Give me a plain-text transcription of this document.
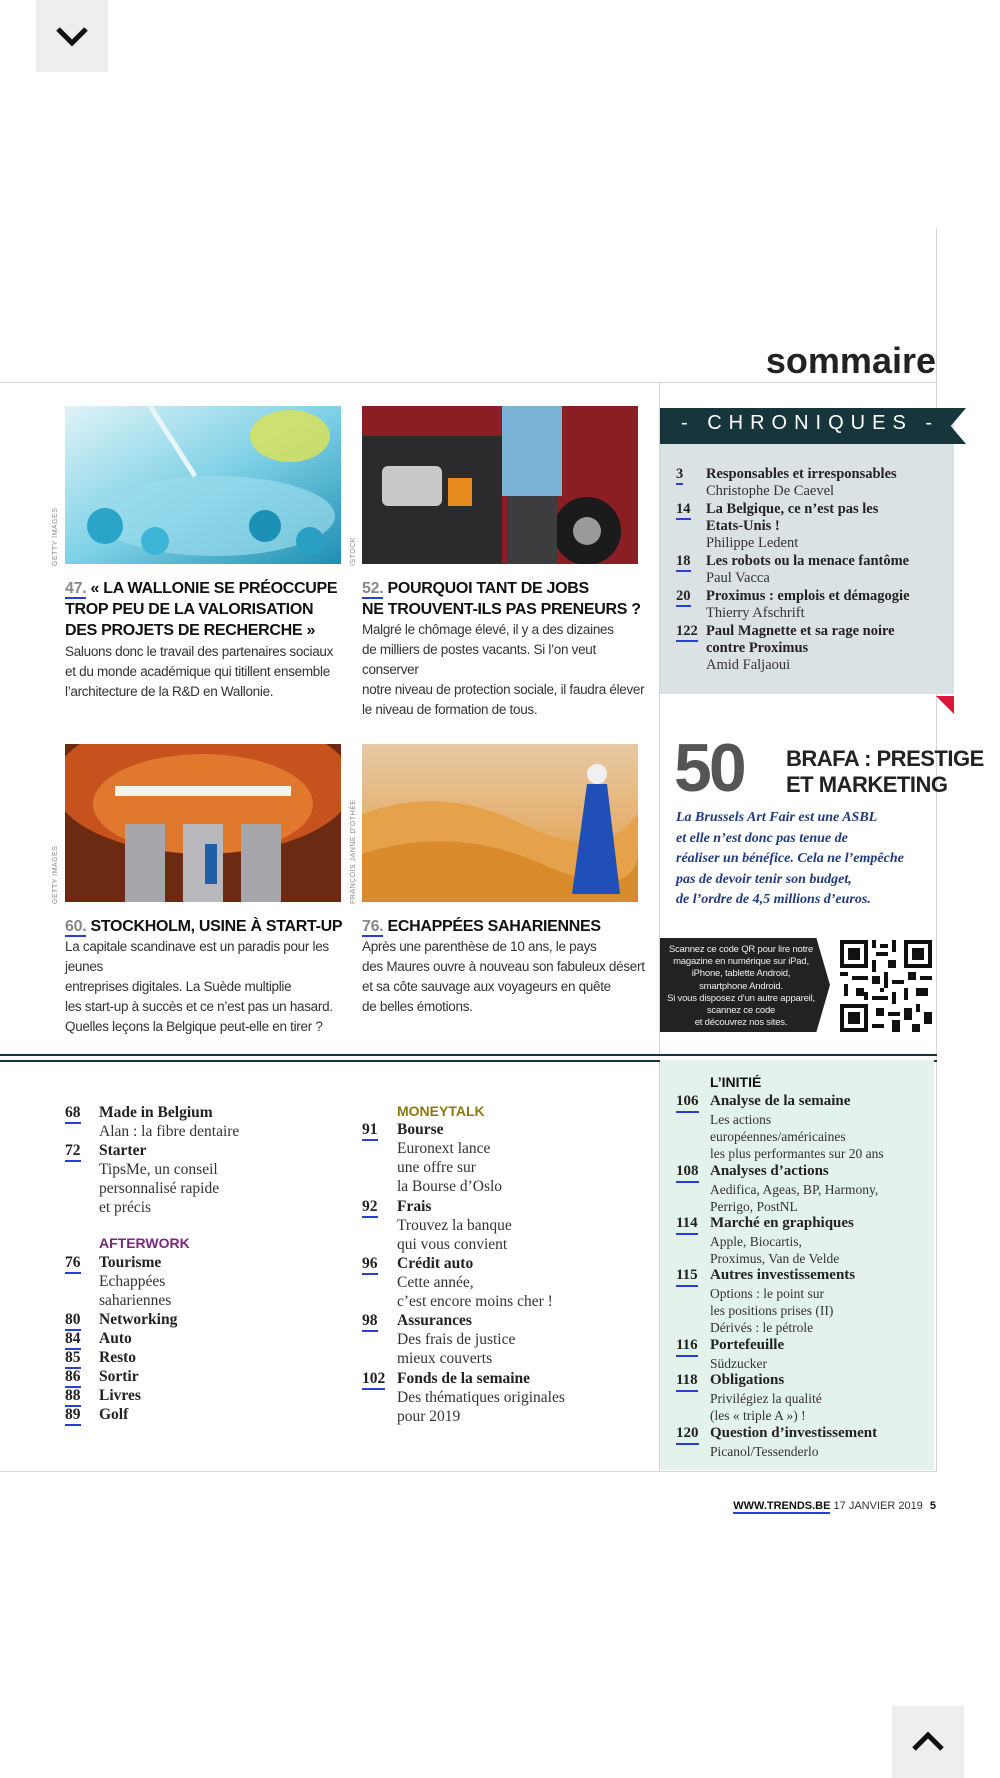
sommaire
GETTY IMAGES	ISTOCK
GETTY IMAGES	FRANÇOIS JANNE D'OTHÉE
47. « LA WALLONIE SE PRÉOCCUPE
TROP PEU DE LA VALORISATION
DES PROJETS DE RECHERCHE »
Saluons donc le travail des partenaires sociaux
et du monde académique qui titillent ensemble
l’architecture de la R&D en Wallonie.
52. POURQUOI TANT DE JOBS
NE TROUVENT-ILS PAS PRENEURS ?
Malgré le chômage élevé, il y a des dizaines
de milliers de postes vacants. Si l’on veut conserver
notre niveau de protection sociale, il faudra élever
le niveau de formation de tous.
60. STOCKHOLM, USINE À START-UP
La capitale scandinave est un paradis pour les jeunes
entreprises digitales. La Suède multiplie
les start-up à succès et ce n’est pas un hasard.
Quelles leçons la Belgique peut-elle en tirer ?
76. ECHAPPÉES SAHARIENNES
Après une parenthèse de 10 ans, le pays
des Maures ouvre à nouveau son fabuleux désert
et sa côte sauvage aux voyageurs en quête
de belles émotions.
- CHRONIQUES -
3 Responsables et irresponsables
Christophe De Caevel
14 La Belgique, ce n’est pas les
Etats-Unis !
Philippe Ledent
18 Les robots ou la menace fantôme
Paul Vacca
20 Proximus : emplois et démagogie
Thierry Afschrift
122 Paul Magnette et sa rage noire
contre Proximus
Amid Faljaoui
50 BRAFA : PRESTIGE
ET MARKETING
La Brussels Art Fair est une ASBL
et elle n’est donc pas tenue de
réaliser un bénéfice. Cela ne l’empêche
pas de devoir tenir son budget,
de l’ordre de 4,5 millions d’euros.
Scannez ce code QR pour lire notre
magazine en numérique sur iPad,
iPhone, tablette Android,
smartphone Android.
Si vous disposez d’un autre appareil,
scannez ce code
et découvrez nos sites.
68 Made in Belgium
Alan : la fibre dentaire
72 Starter
TipsMe, un conseil
personnalisé rapide
et précis
AFTERWORK
76 Tourisme
Echappées
sahariennes
80 Networking
84 Auto
85 Resto
86 Sortir
88 Livres
89 Golf
MONEYTALK
91 Bourse
Euronext lance
une offre sur
la Bourse d’Oslo
92 Frais
Trouvez la banque
qui vous convient
96 Crédit auto
Cette année,
c’est encore moins cher !
98 Assurances
Des frais de justice
mieux couverts
102 Fonds de la semaine
Des thématiques originales
pour 2019
L’INITIÉ
106 Analyse de la semaine
Les actions
européennes/américaines
les plus performantes sur 20 ans
108 Analyses d’actions
Aedifica, Ageas, BP, Harmony,
Perrigo, PostNL
114 Marché en graphiques
Apple, Biocartis,
Proximus, Van de Velde
115 Autres investissements
Options : le point sur
les positions prises (II)
Dérivés : le pétrole
116 Portefeuille
Südzucker
118 Obligations
Privilégiez la qualité
(les « triple A ») !
120 Question d’investissement
Picanol/Tessenderlo
WWW.TRENDS.BE 17 JANVIER 2019 5
